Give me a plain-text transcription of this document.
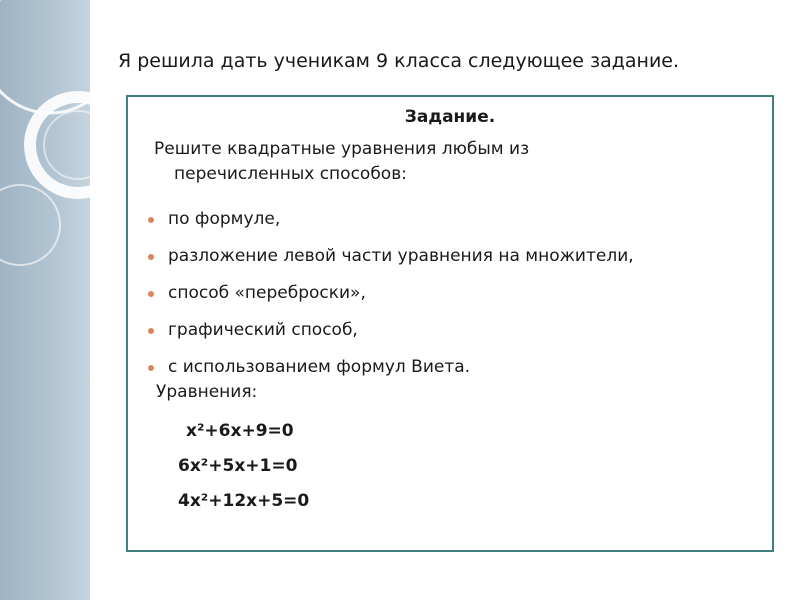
Я решила дать ученикам 9 класса следующее задание.
Задание.
Решите квадратные уравнения любым из
перечисленных способов:
по формуле,
разложение левой части уравнения на множители,
способ «переброски»,
графический способ,
с использованием формул Виета.
Уравнения:
х²+6х+9=0
6х²+5х+1=0
4х²+12х+5=0
